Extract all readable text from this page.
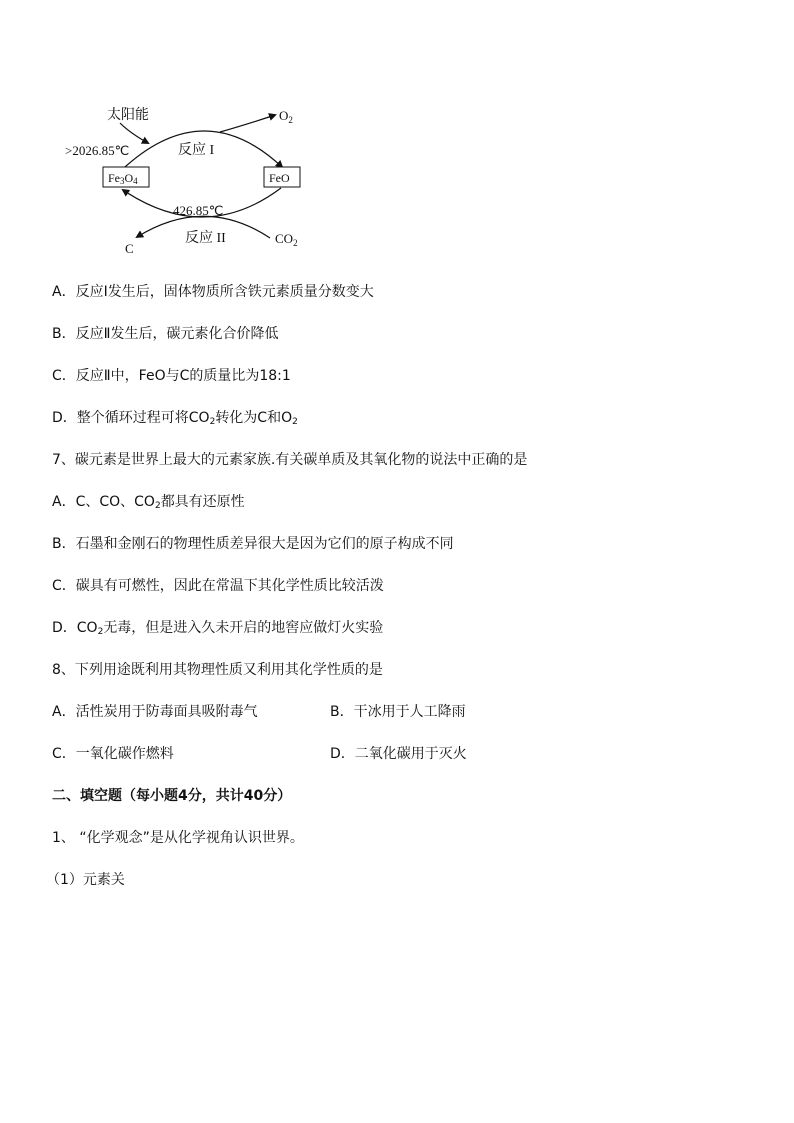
太阳能
>2026.85℃
$O_2$
反应 I
Fe3O4	FeO
426.85℃
C
反应 II	$CO_2$
A．反应Ⅰ发生后，固体物质所含铁元素质量分数变大
B．反应Ⅱ发生后，碳元素化合价降低
C．反应Ⅱ中，FeO与C的质量比为18:1
D．整个循环过程可将$CO_2$转化为C和$O_2$
7、碳元素是世界上最大的元素家族.有关碳单质及其氧化物的说法中正确的是
A．C、CO、$CO_2$都具有还原性
B．石墨和金刚石的物理性质差异很大是因为它们的原子构成不同
C．碳具有可燃性，因此在常温下其化学性质比较活泼
D．$CO_2$无毒，但是进入久未开启的地窖应做灯火实验
8、下列用途既利用其物理性质又利用其化学性质的是
A．活性炭用于防毒面具吸附毒气	B．干冰用于人工降雨
C．一氧化碳作燃料	D．二氧化碳用于灭火
二、填空题（每小题4分，共计40分）
1、 “化学观念”是从化学视角认识世界。
（1）元素关
